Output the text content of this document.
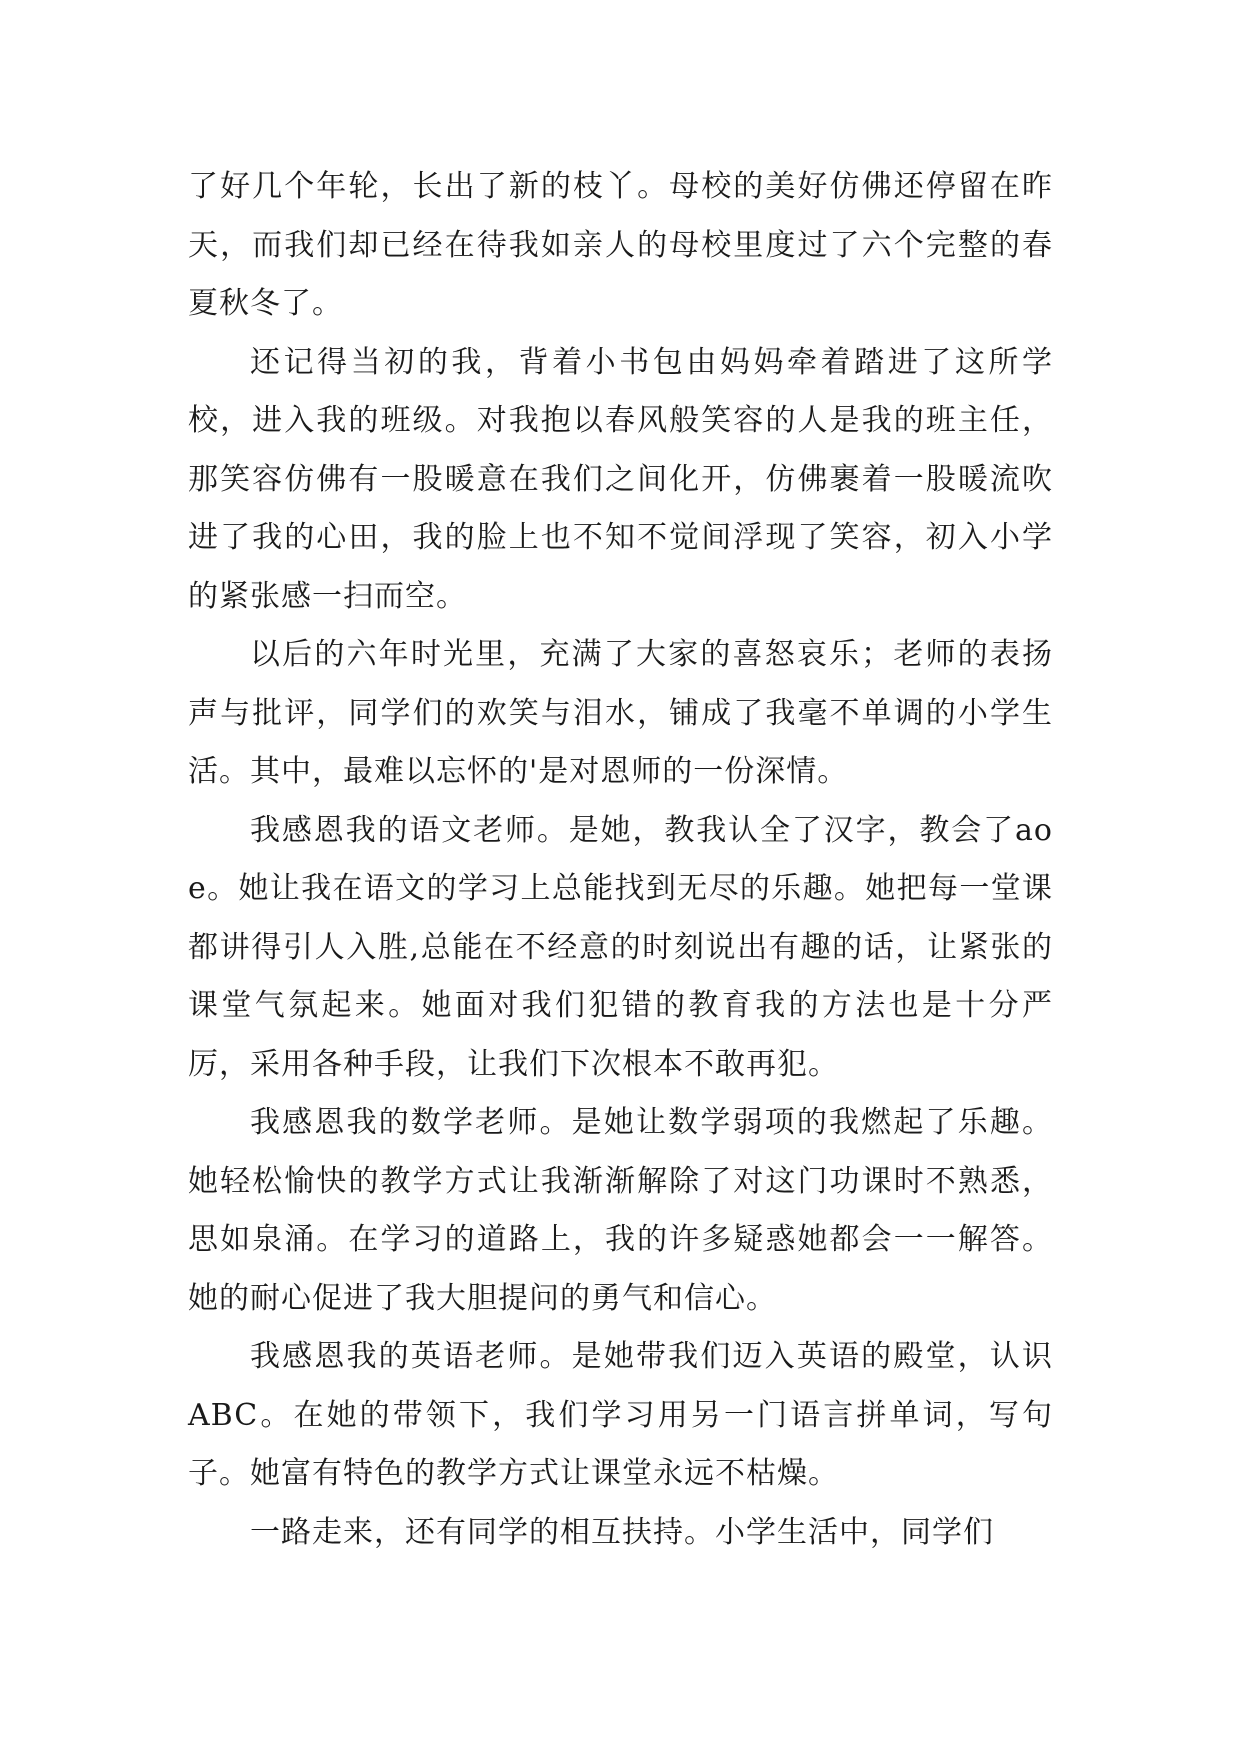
了好几个年轮，长出了新的枝丫。母校的美好仿佛还停留在昨天，而我们却已经在待我如亲人的母校里度过了六个完整的春夏秋冬了。
还记得当初的我，背着小书包由妈妈牵着踏进了这所学校，进入我的班级。对我抱以春风般笑容的人是我的班主任，那笑容仿佛有一股暖意在我们之间化开，仿佛裹着一股暖流吹进了我的心田，我的脸上也不知不觉间浮现了笑容，初入小学的紧张感一扫而空。
以后的六年时光里，充满了大家的喜怒哀乐；老师的表扬声与批评，同学们的欢笑与泪水，铺成了我毫不单调的小学生活。其中，最难以忘怀的'是对恩师的一份深情。
我感恩我的语文老师。是她，教我认全了汉字，教会了aoe。她让我在语文的学习上总能找到无尽的乐趣。她把每一堂课都讲得引人入胜,总能在不经意的时刻说出有趣的话，让紧张的课堂气氛起来。她面对我们犯错的教育我的方法也是十分严厉，采用各种手段，让我们下次根本不敢再犯。
我感恩我的数学老师。是她让数学弱项的我燃起了乐趣。她轻松愉快的教学方式让我渐渐解除了对这门功课时不熟悉，思如泉涌。在学习的道路上，我的许多疑惑她都会一一解答。她的耐心促进了我大胆提问的勇气和信心。
我感恩我的英语老师。是她带我们迈入英语的殿堂，认识 ABC。在她的带领下，我们学习用另一门语言拼单词，写句子。她富有特色的教学方式让课堂永远不枯燥。
一路走来，还有同学的相互扶持。小学生活中，同学们
